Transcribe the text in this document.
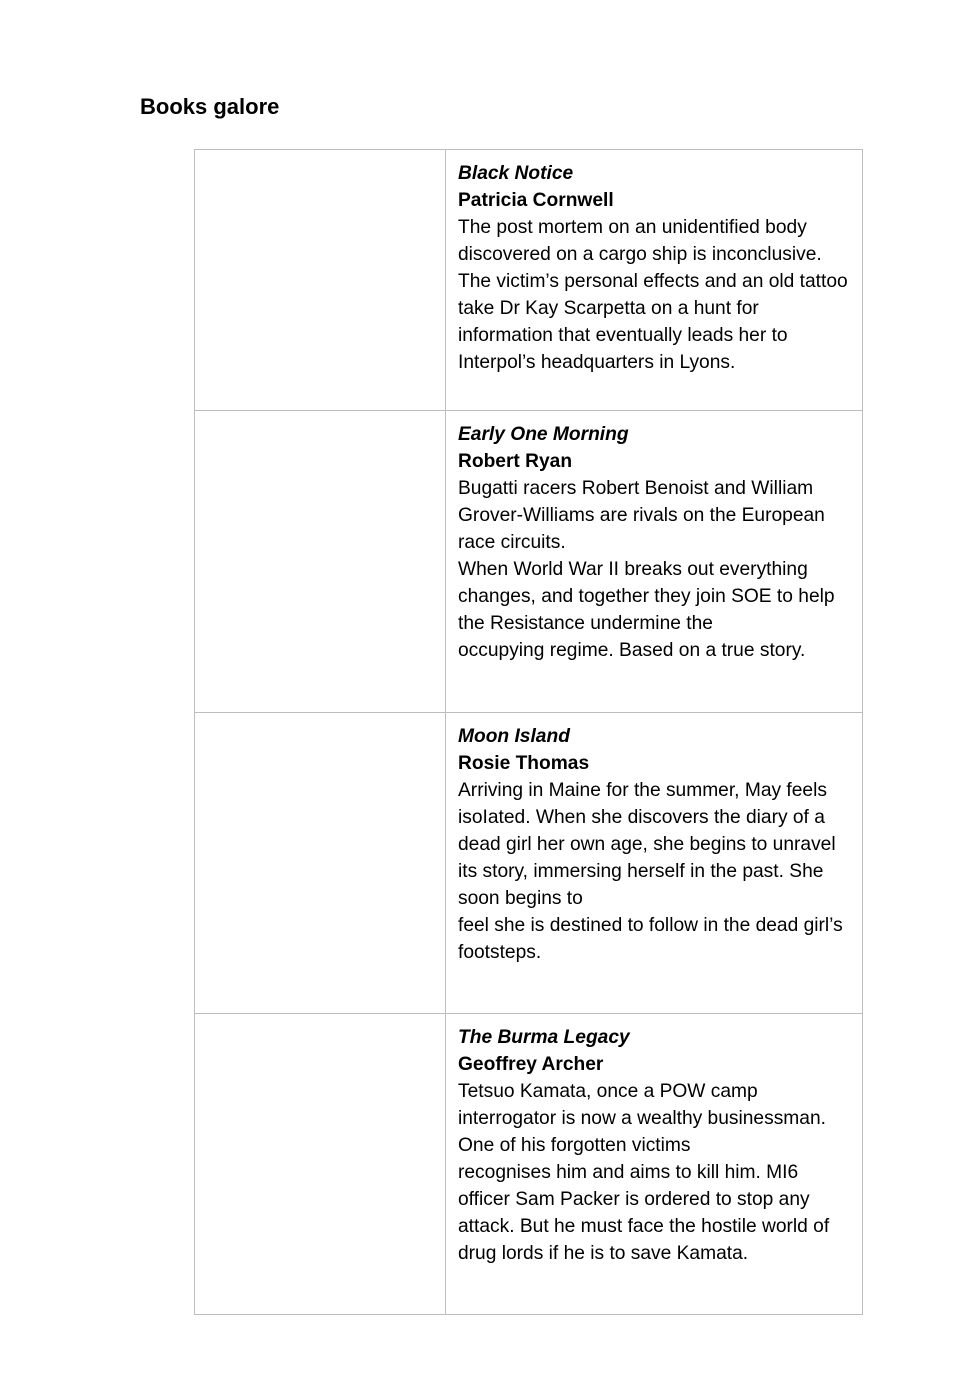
Books galore

	Black Notice
Patricia Cornwell
The post mortem on an unidentified body discovered on a cargo ship is inconclusive. The victim’s personal effects and an old tattoo take Dr Kay Scarpetta on a hunt for information that eventually leads her to Interpol’s headquarters in Lyons.

	Early One Morning
Robert Ryan
Bugatti racers Robert Benoist and William Grover-Williams are rivals on the European race circuits.
When World War II breaks out everything changes, and together they join SOE to help the Resistance undermine the
occupying regime. Based on a true story.

	Moon Island
Rosie Thomas
Arriving in Maine for the summer, May feels isoIated. When she discovers the diary of a dead girl her own age, she begins to unravel its story, immersing herself in the past. She soon begins to
feel she is destined to follow in the dead girl’s footsteps.

	The Burma Legacy
Geoffrey Archer
Tetsuo Kamata, once a POW camp interrogator is now a wealthy businessman. One of his forgotten victims
recognises him and aims to kill him. MI6 officer Sam Packer is ordered to stop any attack. But he must face the hostile world of drug lords if he is to save Kamata.
